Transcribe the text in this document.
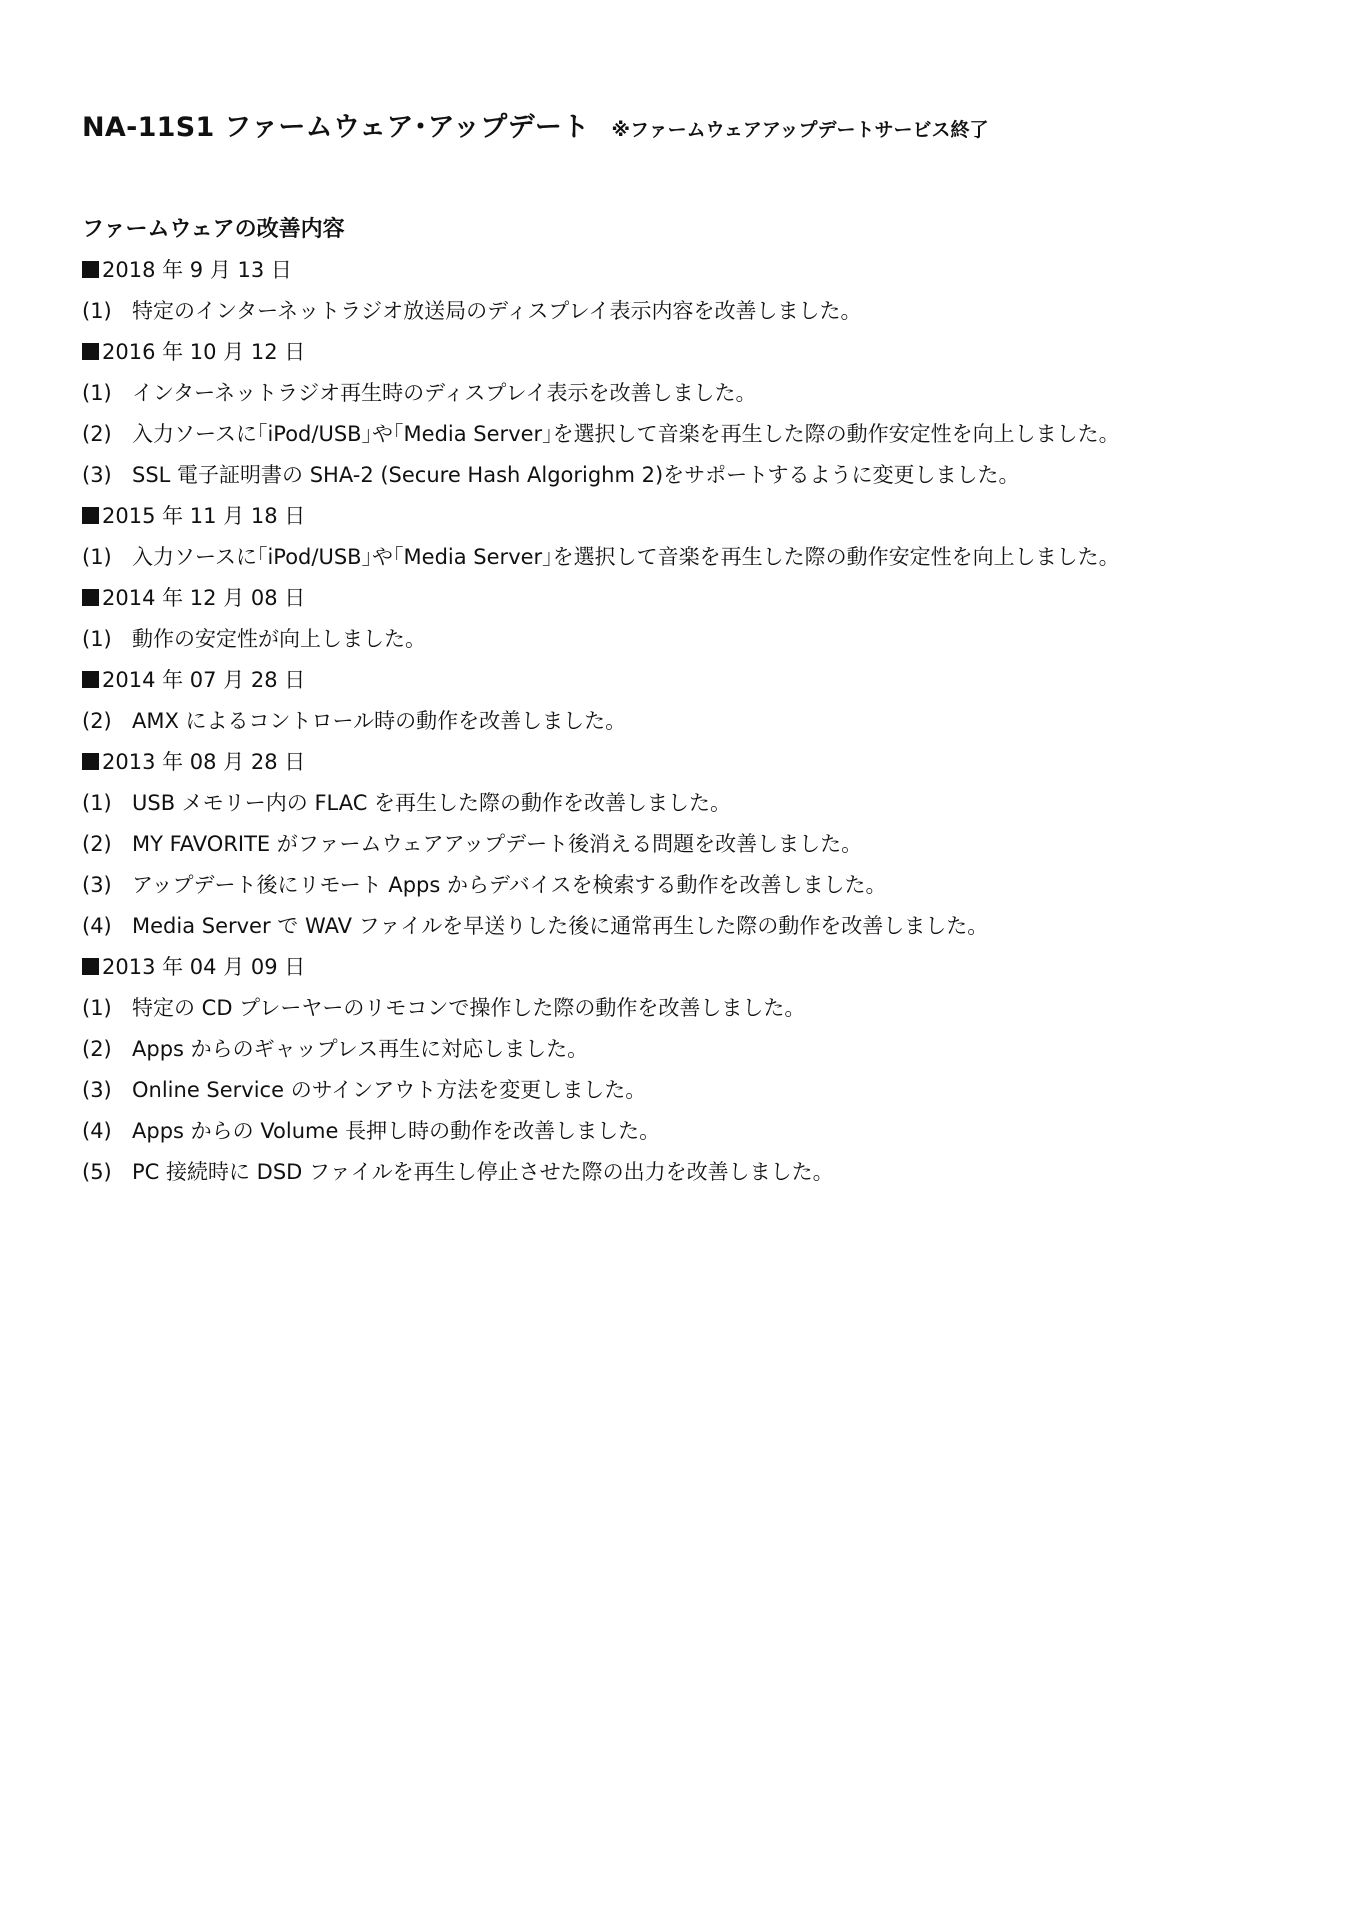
NA-11S1 ファームウェア･アップデート ※ファームウェアアップデートサービス終了
ファームウェアの改善内容
2018 年 9 月 13 日
(1) 特定のインターネットラジオ放送局のディスプレイ表示内容を改善しました。
2016 年 10 月 12 日
(1) インターネットラジオ再生時のディスプレイ表示を改善しました。
(2) 入力ソースに｢iPod/USB｣や｢Media Server｣を選択して音楽を再生した際の動作安定性を向上しました。
(3) SSL 電子証明書の SHA-2 (Secure Hash Algorighm 2)をサポートするように変更しました。
2015 年 11 月 18 日
(1) 入力ソースに｢iPod/USB｣や｢Media Server｣を選択して音楽を再生した際の動作安定性を向上しました。
2014 年 12 月 08 日
(1) 動作の安定性が向上しました。
2014 年 07 月 28 日
(2) AMX によるコントロール時の動作を改善しました。
2013 年 08 月 28 日
(1) USB メモリー内の FLAC を再生した際の動作を改善しました。
(2) MY FAVORITE がファームウェアアップデート後消える問題を改善しました。
(3) アップデート後にリモート Apps からデバイスを検索する動作を改善しました。
(4) Media Server で WAV ファイルを早送りした後に通常再生した際の動作を改善しました。
2013 年 04 月 09 日
(1) 特定の CD プレーヤーのリモコンで操作した際の動作を改善しました。
(2) Apps からのギャップレス再生に対応しました。
(3) Online Service のサインアウト方法を変更しました。
(4) Apps からの Volume 長押し時の動作を改善しました。
(5) PC 接続時に DSD ファイルを再生し停止させた際の出力を改善しました。
